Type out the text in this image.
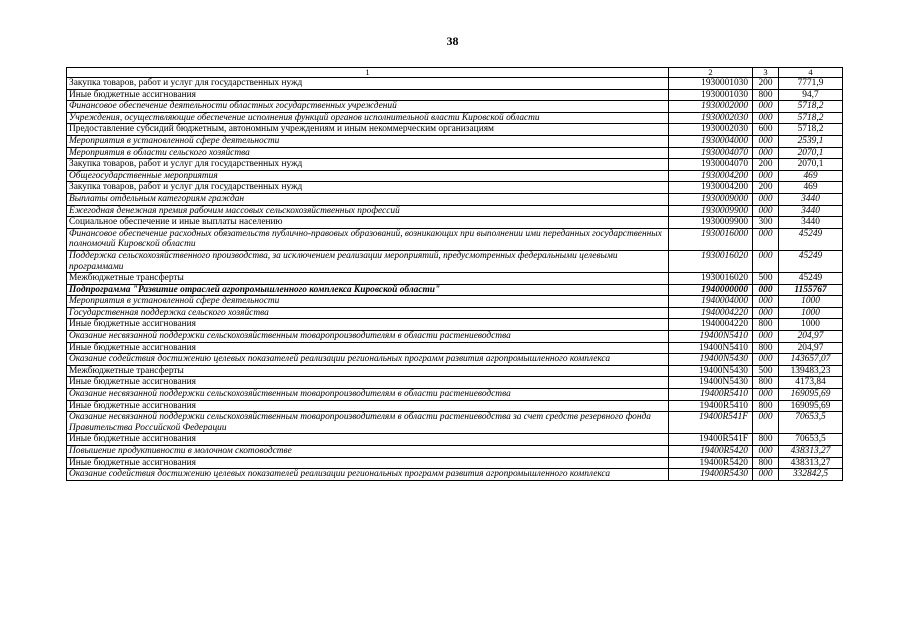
38
1	2	3	4
Закупка товаров, работ и услуг для государственных нужд	1930001030	200	7771,9
Иные бюджетные ассигнования	1930001030	800	94,7
Финансовое обеспечение деятельности областных государственных учреждений	1930002000	000	5718,2
Учреждения, осуществляющие обеспечение исполнения функций органов исполнительной власти Кировской области	1930002030	000	5718,2
Предоставление субсидий бюджетным, автономным учреждениям и иным некоммерческим организациям	1930002030	600	5718,2
Мероприятия в установленной сфере деятельности	1930004000	000	2539,1
Мероприятия в области сельского хозяйства	1930004070	000	2070,1
Закупка товаров, работ и услуг для государственных нужд	1930004070	200	2070,1
Общегосударственные мероприятия	1930004200	000	469
Закупка товаров, работ и услуг для государственных нужд	1930004200	200	469
Выплаты отдельным категориям граждан	1930009000	000	3440
Ежегодная денежная премия рабочим массовых сельскохозяйственных профессий	1930009900	000	3440
Социальное обеспечение и иные выплаты населению	1930009900	300	3440
Финансовое обеспечение расходных обязательств публично-правовых образований, возникающих при выполнении ими переданных государственных полномочий Кировской области	1930016000	000	45249
Поддержка сельскохозяйственного производства, за исключением реализации мероприятий, предусмотренных федеральными целевыми программами	1930016020	000	45249
Межбюджетные трансферты	1930016020	500	45249
Подпрограмма "Развитие отраслей агропромышленного комплекса Кировской области"	1940000000	000	1155767
Мероприятия в установленной сфере деятельности	1940004000	000	1000
Государственная поддержка сельского хозяйства	1940004220	000	1000
Иные бюджетные ассигнования	1940004220	800	1000
Оказание несвязанной поддержки сельскохозяйственным товаропроизводителям в области растениеводства	19400N5410	000	204,97
Иные бюджетные ассигнования	19400N5410	800	204,97
Оказание содействия достижению целевых показателей реализации региональных программ развития агропромышленного комплекса	19400N5430	000	143657,07
Межбюджетные трансферты	19400N5430	500	139483,23
Иные бюджетные ассигнования	19400N5430	800	4173,84
Оказание несвязанной поддержки сельскохозяйственным товаропроизводителям в области растениеводства	19400R5410	000	169095,69
Иные бюджетные ассигнования	19400R5410	800	169095,69
Оказание несвязанной поддержки сельскохозяйственным товаропроизводителям в области растениеводства за счет средств резервного фонда Правительства Российской Федерации	19400R541F	000	70653,5
Иные бюджетные ассигнования	19400R541F	800	70653,5
Повышение продуктивности в молочном скотоводстве	19400R5420	000	438313,27
Иные бюджетные ассигнования	19400R5420	800	438313,27
Оказание содействия достижению целевых показателей реализации региональных программ развития агропромышленного комплекса	19400R5430	000	332842,5
